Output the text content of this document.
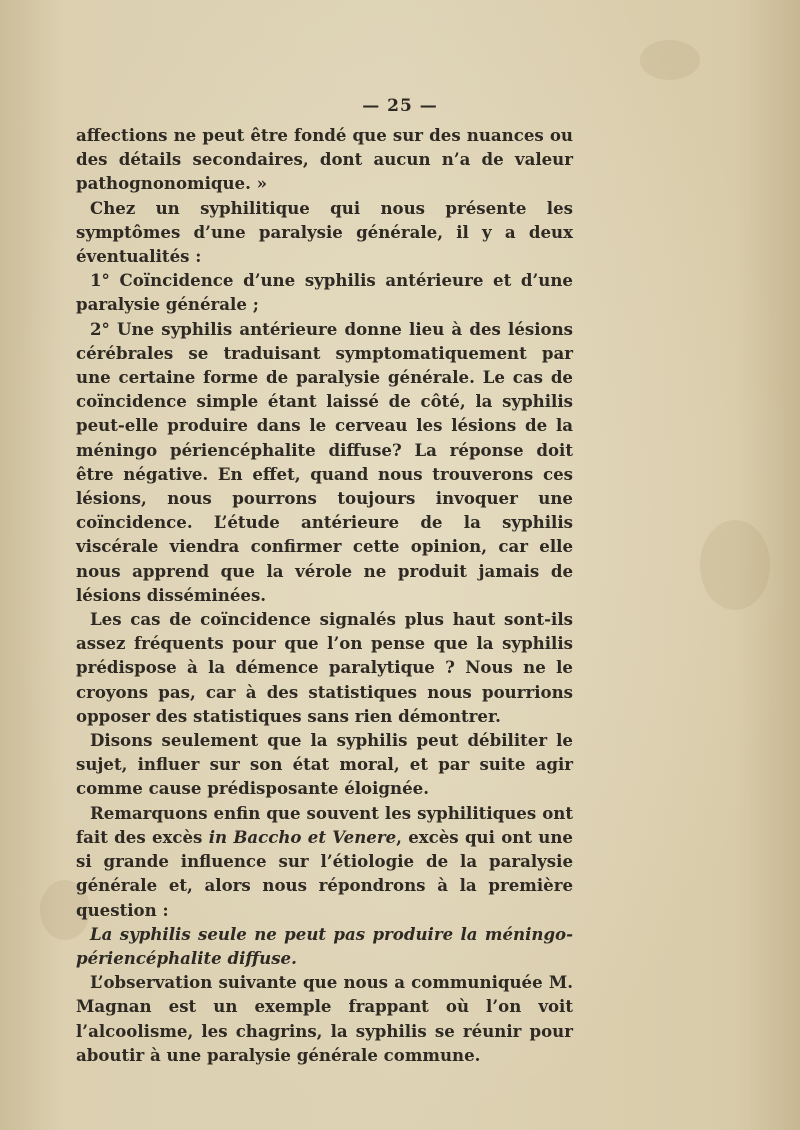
— 25 —

affections ne peut être fondé que sur des nuances ou des détails secondaires, dont aucun n’a de valeur pathognonomique. »

Chez un syphilitique qui nous présente les symptômes d’une paralysie générale, il y a deux éventualités :

1° Coïncidence d’une syphilis antérieure et d’une paralysie générale ;

2° Une syphilis antérieure donne lieu à des lésions cérébrales se traduisant symptomatiquement par une certaine forme de paralysie générale. Le cas de coïncidence simple étant laissé de côté, la syphilis peut-elle produire dans le cerveau les lésions de la méningo périencéphalite diffuse? La réponse doit être négative. En effet, quand nous trouverons ces lésions, nous pourrons toujours invoquer une coïncidence. L’étude antérieure de la syphilis viscérale viendra confirmer cette opinion, car elle nous apprend que la vérole ne produit jamais de lésions disséminées.

Les cas de coïncidence signalés plus haut sont-ils assez fréquents pour que l’on pense que la syphilis prédispose à la démence paralytique ? Nous ne le croyons pas, car à des statistiques nous pourrions opposer des statistiques sans rien démontrer.

Disons seulement que la syphilis peut débiliter le sujet, influer sur son état moral, et par suite agir comme cause prédisposante éloignée.

Remarquons enfin que souvent les syphilitiques ont fait des excès in Baccho et Venere, excès qui ont une si grande influence sur l’étiologie de la paralysie générale et, alors nous répondrons à la première question :

La syphilis seule ne peut pas produire la méningo-périencéphalite diffuse.

L’observation suivante que nous a communiquée M. Magnan est un exemple frappant où l’on voit l’alcoolisme, les chagrins, la syphilis se réunir pour aboutir à une paralysie générale commune.
